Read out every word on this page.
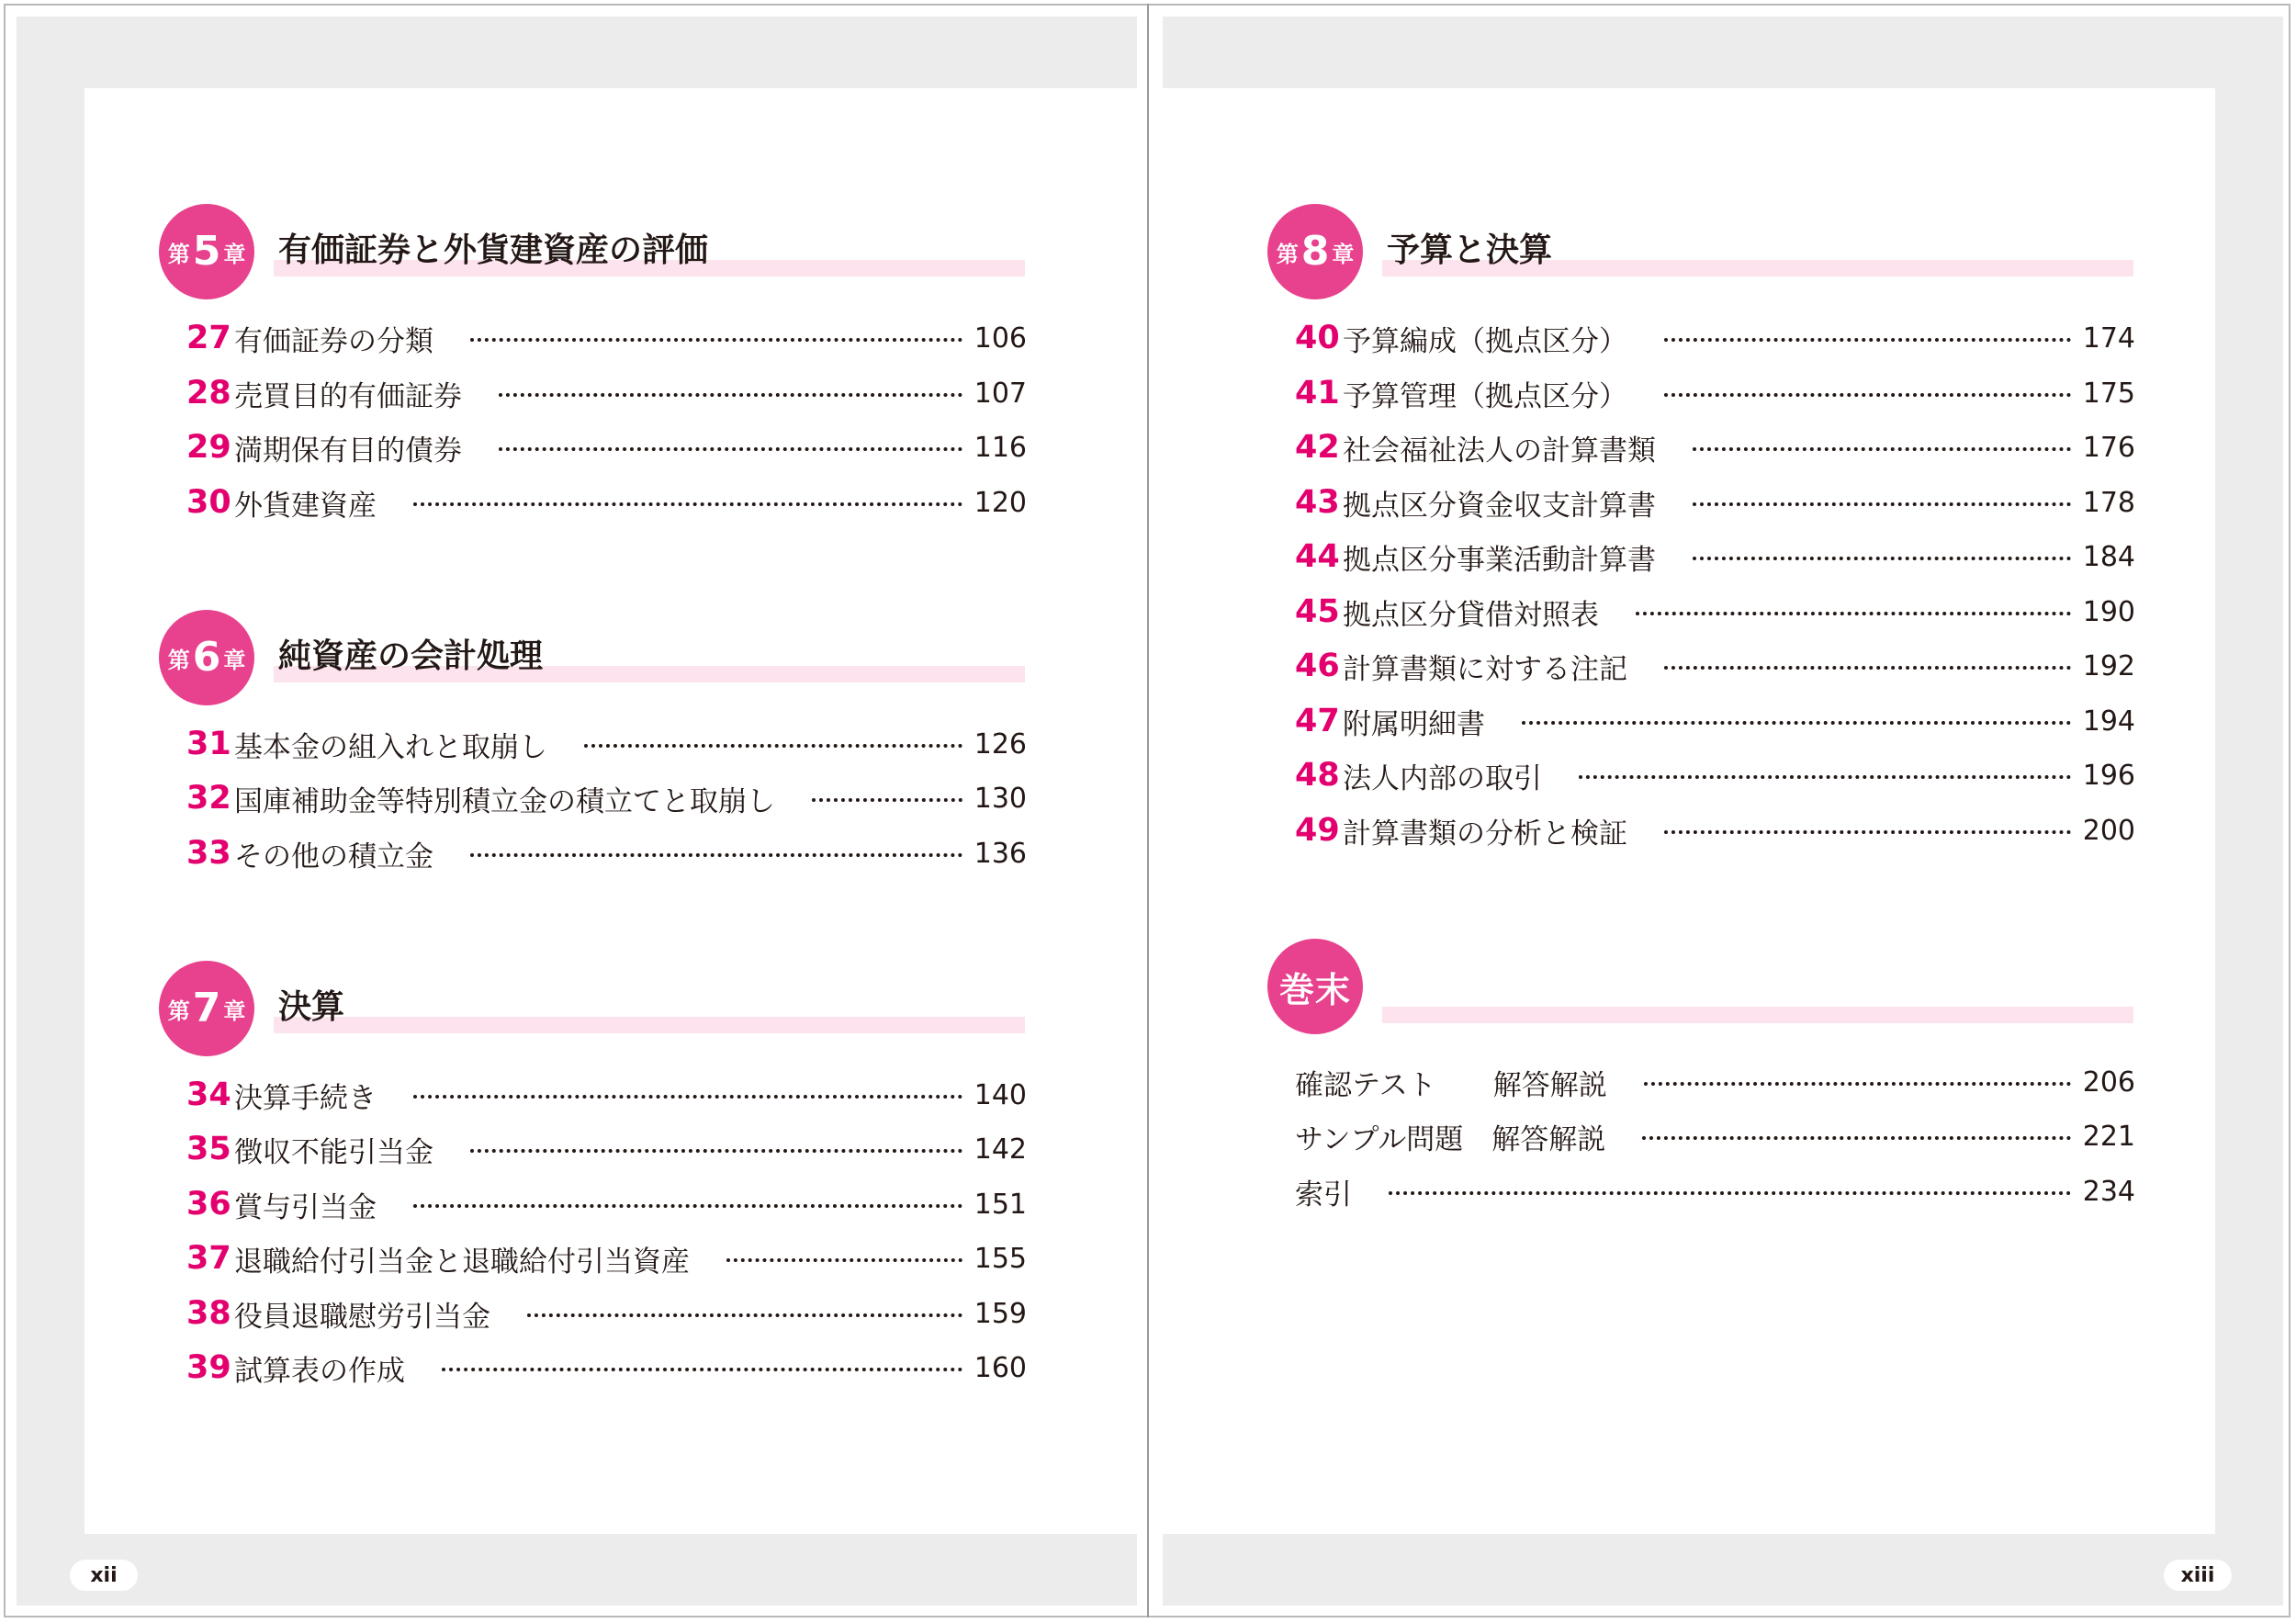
第 5 章 有価証券と外貨建資産の評価
27 有価証券の分類	106
28 売買目的有価証券	107
29 満期保有目的債券	116
30 外貨建資産	120
第 6 章 純資産の会計処理
31 基本金の組入れと取崩し	126
32 国庫補助金等特別積立金の積立てと取崩し	130
33 その他の積立金	136
第 7 章 決算
34 決算手続き	140
35 徴収不能引当金	142
36 賞与引当金	151
37 退職給付引当金と退職給付引当資産	155
38 役員退職慰労引当金	159
39 試算表の作成	160
xii
第 8 章 予算と決算
40 予算編成（拠点区分）	174
41 予算管理（拠点区分）	175
42 社会福祉法人の計算書類	176
43 拠点区分資金収支計算書	178
44 拠点区分事業活動計算書	184
45 拠点区分貸借対照表	190
46 計算書類に対する注記	192
47 附属明細書	194
48 法人内部の取引	196
49 計算書類の分析と検証	200
巻末
確認テスト　　解答解説	206
サンプル問題　解答解説	221
索引	234
xiii
